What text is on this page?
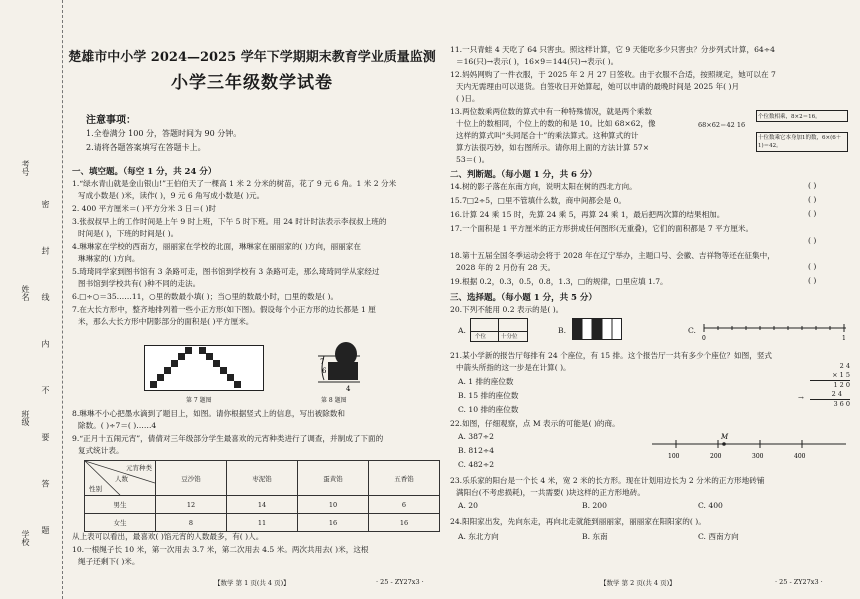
考号
姓名
班级
学校 密 封 线 内 不 要 答 题
楚雄市中小学 2024—2025 学年下学期期末教育学业质量监测
小学三年级数学试卷
注意事项：
1.全卷满分 100 分，答题时间为 90 分钟。
2.请将各题答案填写在答题卡上。
一、填空题。（每空 1 分，共 24 分）
1.“绿水青山就是金山银山!”王伯伯天了一棵高 1 米 2 分米的树苗，花了 9 元 6 角。1 米 2 分米
写成小数是( )米，读作( )，9 元 6 角写成小数是( )元。
2. 400 平方厘米＝( )平方分米 3 日＝( )时
3.张叔叔早上的工作时间是上午 9 时上班，下午 5 时下班。用 24 时计时法表示李叔叔上班的
时间是( )，下班的时间是( )。
4.琳琳家在学校的西南方，丽丽家在学校的北面，琳琳家在丽丽家的( )方向，丽丽家在
琳琳家的( )方向。
5.琦琦同学家到图书馆有 3 条路可走，图书馆到学校有 3 条路可走，那么琦琦同学从家经过
图书馆到学校共有( )种不同的走法。
6.□÷○＝35……11，○里的数最小填( )；当○里的数最小时，□里的数是( )。
7.在大长方形中，整齐地排列着一些小正方形(如下图)。假设每个小正方形的边长都是 1 厘
米，那么大长方形中阴影部分的面积是( )平方厘米。
第 7 题图
7
6
4
第 8 题图
8.琳琳不小心把墨水滴到了题目上，如图。请你根据竖式上的信息，写出被除数和
除数。( )÷7＝( )……4
9.“正月十五闹元宵”，倩倩对三年级部分学生最喜欢的元宵种类进行了调查，并制成了下面的
复式统计表。
元宵种类
人数
性别	豆沙馅	枣泥馅	蛋黄馅	五香馅
男生	12	14	10	6
女生	8	11	16	16
从上表可以看出，最喜欢( )馅元宵的人数最多，有( )人。
10.一根绳子长 10 米，第一次用去 3.7 米，第二次用去 4.5 米。两次共用去( )米，这根
绳子还剩下( )米。
【数学 第 1 页(共 4 页)】	· 25 - ZY27x3 ·
11.一只青蛙 4 天吃了 64 只害虫。照这样计算，它 9 天能吃多少只害虫？分步列式计算，64÷4
＝16(只)→表示( )，16×9＝144(只)→表示( )。
12.妈妈网购了一件衣服，于 2025 年 2 月 27 日签收。由于衣服不合适，按照规定，她可以在 7
天内无需理由可以退货。自签收日开始算起，她可以申请的最晚时间是 2025 年( )月
( )日。
13.两位数乘两位数的算式中有一种特殊情况，就是两个乘数
十位上的数相同，个位上的数的和是 10。比如 68×62，像
这样的算式叫“头同尾合十”的乘法算式。这种算式的计
算方法很巧妙，如右图所示。请你用上面的方法计算 57×
53＝( )。
68×62＝42 16
个位数相乘，8×2＝16。
十位数乘它本身加1的数，6×(6＋1)＝42。
二、判断题。（每小题 1 分，共 6 分）
14.树的影子落在东南方向，说明太阳在树的西北方向。	( )
15.7□2÷5，□里不管填什么数，商中间都会是 0。	( )
16.计算 24 乘 15 时，先算 24 乘 5，再算 24 乘 1，最后把两次算的结果相加。	( )
17.一个面积是 1 平方厘米的正方形拼成任何图形(无重叠)，它们的面积都是 7 平方厘米。
( )
18.第十五届全国冬季运动会将于 2028 年在辽宁举办，主题口号、会徽、吉祥物等还在征集中，
2028 年的 2 月份有 28 天。	( )
19.根据 0.2，0.3，0.5，0.8，1.3，□的规律，□里应填 1.7。	( )
三、选择题。（每小题 1 分，共 5 分）
20.下列不能用 0.2 表示的是( )。
A.
个位	十分位
B.	C.
0	1
21.某小学新的报告厅每排有 24 个座位，有 15 排。这个报告厅一共有多少个座位？如图，竖式
中箭头所指的这一步是在计算( )。
A. 1 排的座位数
B. 15 排的座位数
C. 10 排的座位数
2 4
× 1 5
1 2 0
2 4
3 6 0
→
22.如图，仔细观察，点 M 表示的可能是( )的商。
A. 387÷2
B. 812÷4
C. 482÷2
M
100	200	300	400
23.乐乐家的阳台是一个长 4 米，宽 2 米的长方形。现在计划用边长为 2 分米的正方形地砖铺
满阳台(不考虑损耗)，一共需要( )块这样的正方形地砖。
A. 20	B. 200	C. 400
24.阳阳家出发，先向东走，再向北走就能到丽丽家，丽丽家在阳阳家的( )。
A. 东北方向	B. 东南	C. 西南方向
【数学 第 2 页(共 4 页)】	· 25 - ZY27x3 ·
